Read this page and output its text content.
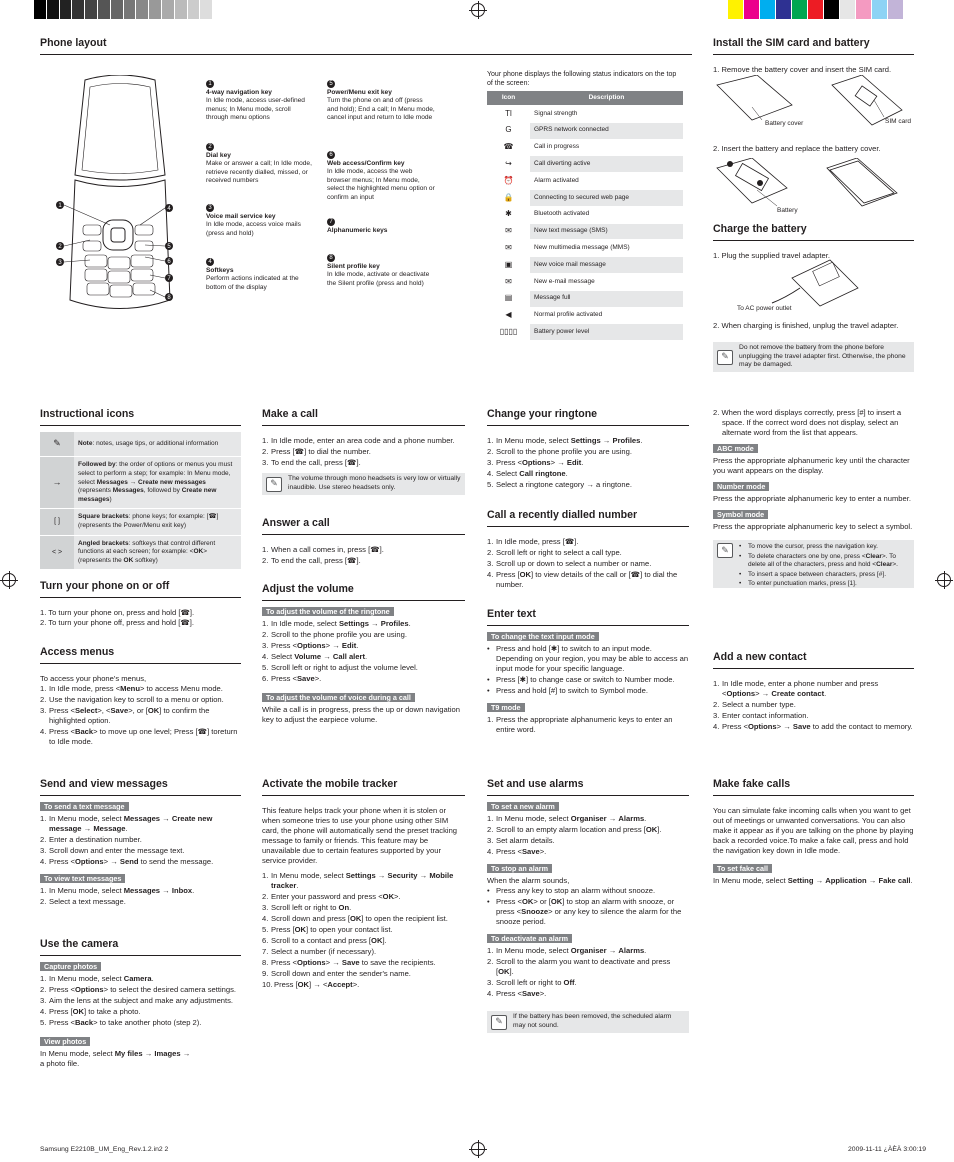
Phone layout
1
2
3
4
5
6
7
8
1
4-way navigation key
In Idle mode, access user-defined menus; In Menu mode, scroll through menu options
2
Dial key
Make or answer a call; In Idle mode, retrieve recently dialled, missed, or received numbers
3
Voice mail service key
In Idle mode, access voice mails (press and hold)
4
Softkeys
Perform actions indicated at the bottom of the display
5
Power/Menu exit key
Turn the phone on and off (press and hold); End a call; In Menu mode, cancel input and return to Idle mode
6
Web access/Confirm key
In Idle mode, access the web browser menus; In Menu mode, select the highlighted menu option or confirm an input
7
Alphanumeric keys
8
Silent profile key
In Idle mode, activate or deactivate the Silent profile (press and hold)
Your phone displays the following status indicators on the top of the screen:
Icon	Description
Tl	Signal strength
G	GPRS network connected
☎	Call in progress
↪	Call diverting active
⏰	Alarm activated
🔒	Connecting to secured web page
✱	Bluetooth activated
✉	New text message (SMS)
✉	New multimedia message (MMS)
▣	New voice mail message
✉	New e-mail message
▤	Message full
◀	Normal profile activated
▯▯▯▯	Battery power level
Install the SIM card and battery
1. Remove the battery cover and insert the SIM card.
Battery cover	SIM card
2. Insert the battery and replace the battery cover.
Battery
Charge the battery
1. Plug the supplied travel adapter.
To AC power outlet
2. When charging is finished, unplug the travel adapter.
✎
Do not remove the battery from the phone before unplugging the travel adapter first. Otherwise, the phone may be damaged.
Instructional icons
✎	Note: notes, usage tips, or additional information
→	Followed by: the order of options or menus you must select to perform a step; for example: In Menu mode, select Messages → Create new messages (represents Messages, followed by Create new messages)
[ ]	Square brackets: phone keys; for example: [☎] (represents the Power/Menu exit key)
< >	Angled brackets: softkeys that control different functions at each screen; for example: <OK> (represents the OK softkey)
Turn your phone on or off
1. To turn your phone on, press and hold [☎].
2. To turn your phone off, press and hold [☎].
Access menus
To access your phone's menus,
In Idle mode, press <Menu> to access Menu mode.
Use the navigation key to scroll to a menu or option.
Press <Select>, <Save>, or [OK] to confirm the highlighted option.
Press <Back> to move up one level; Press [☎] toreturn to Idle mode.
Make a call
In Idle mode, enter an area code and a phone number.
Press [☎] to dial the number.
To end the call, press [☎].
✎	The volume through mono headsets is very low or virtually inaudible. Use stereo headsets only.
Answer a call
When a call comes in, press [☎].
To end the call, press [☎].
Adjust the volume
To adjust the volume of the ringtone
In Idle mode, select Settings → Profiles.
Scroll to the phone profile you are using.
Press <Options> → Edit.
Select Volume → Call alert.
Scroll left or right to adjust the volume level.
Press <Save>.
To adjust the volume of voice during a call
While a call is in progress, press the up or down navigation key to adjust the earpiece volume.
Change your ringtone
In Menu mode, select Settings → Profiles.
Scroll to the phone profile you are using.
Press <Options> → Edit.
Select Call ringtone.
Select a ringtone category → a ringtone.
Call a recently dialled number
In Idle mode, press [☎].
Scroll left or right to select a call type.
Scroll up or down to select a number or name.
Press [OK] to view details of the call or [☎] to dial the number.
Enter text
To change the text input mode
• Press and hold [✱] to switch to an input mode. Depending on your region, you may be able to access an input mode for your specific language.
• Press [✱] to change case or switch to Number mode.
• Press and hold [#] to switch to Symbol mode.
T9 mode
Press the appropriate alphanumeric keys to enter an entire word.
2. When the word displays correctly, press [#] to insert a space. If the correct word does not display, select an alternate word from the list that appears.
ABC mode
Press the appropriate alphanumeric key until the character you want appears on the display.
Number mode
Press the appropriate alphanumeric key to enter a number.
Symbol mode
Press the appropriate alphanumeric key to select a symbol.
✎	• To move the cursor, press the navigation key.
• To delete characters one by one, press <Clear>. To delete all of the characters, press and hold <Clear>.
• To insert a space between characters, press [#].
• To enter punctuation marks, press [1].
Add a new contact
In Idle mode, enter a phone number and press <Options> → Create contact.
Select a number type.
Enter contact information.
Press <Options> → Save to add the contact to memory.
Send and view messages
To send a text message
In Menu mode, select Messages → Create new message → Message.
Enter a destination number.
Scroll down and enter the message text.
Press <Options> → Send to send the message.
To view text messages
In Menu mode, select Messages → Inbox.
Select a text message.
Use the camera
Capture photos
In Menu mode, select Camera.
Press <Options> to select the desired camera settings.
Aim the lens at the subject and make any adjustments.
Press [OK] to take a photo.
Press <Back> to take another photo (step 2).
View photos
In Menu mode, select My files → Images →
a photo file.
Activate the mobile tracker
This feature helps track your phone when it is stolen or when someone tries to use your phone using other SIM card, the phone will automatically send the preset tracking message to family or friends. This feature may be unavailable due to certain features supported by your service provider.
In Menu mode, select Settings → Security → Mobile tracker.
Enter your password and press <OK>.
Scroll left or right to On.
Scroll down and press [OK] to open the recipient list.
Press [OK] to open your contact list.
Scroll to a contact and press [OK].
Select a number (if necessary).
Press <Options> → Save to save the recipients.
Scroll down and enter the sender's name.
Press [OK] → <Accept>.
Set and use alarms
To set a new alarm
In Menu mode, select Organiser → Alarms.
Scroll to an empty alarm location and press [OK].
Set alarm details.
Press <Save>.
To stop an alarm
When the alarm sounds,
• Press any key to stop an alarm without snooze.
• Press <OK> or [OK] to stop an alarm with snooze, or press <Snooze> or any key to silence the alarm for the snooze period.
To deactivate an alarm
In Menu mode, select Organiser → Alarms.
Scroll to the alarm you want to deactivate and press [OK].
Scroll left or right to Off.
Press <Save>.
✎	If the battery has been removed, the scheduled alarm may not sound.
Make fake calls
You can simulate fake incoming calls when you want to get out of meetings or unwanted conversations. You can also make it appear as if you are talking on the phone by playing back a recorded voice.To make a fake call, press and hold the navigation key down in Idle mode.
To set fake call
In Menu mode, select Setting → Application → Fake call.
Samsung E2210B_UM_Eng_Rev.1.2.in2 2	2009-11-11 ¿ÀÈÄ 3:00:19
